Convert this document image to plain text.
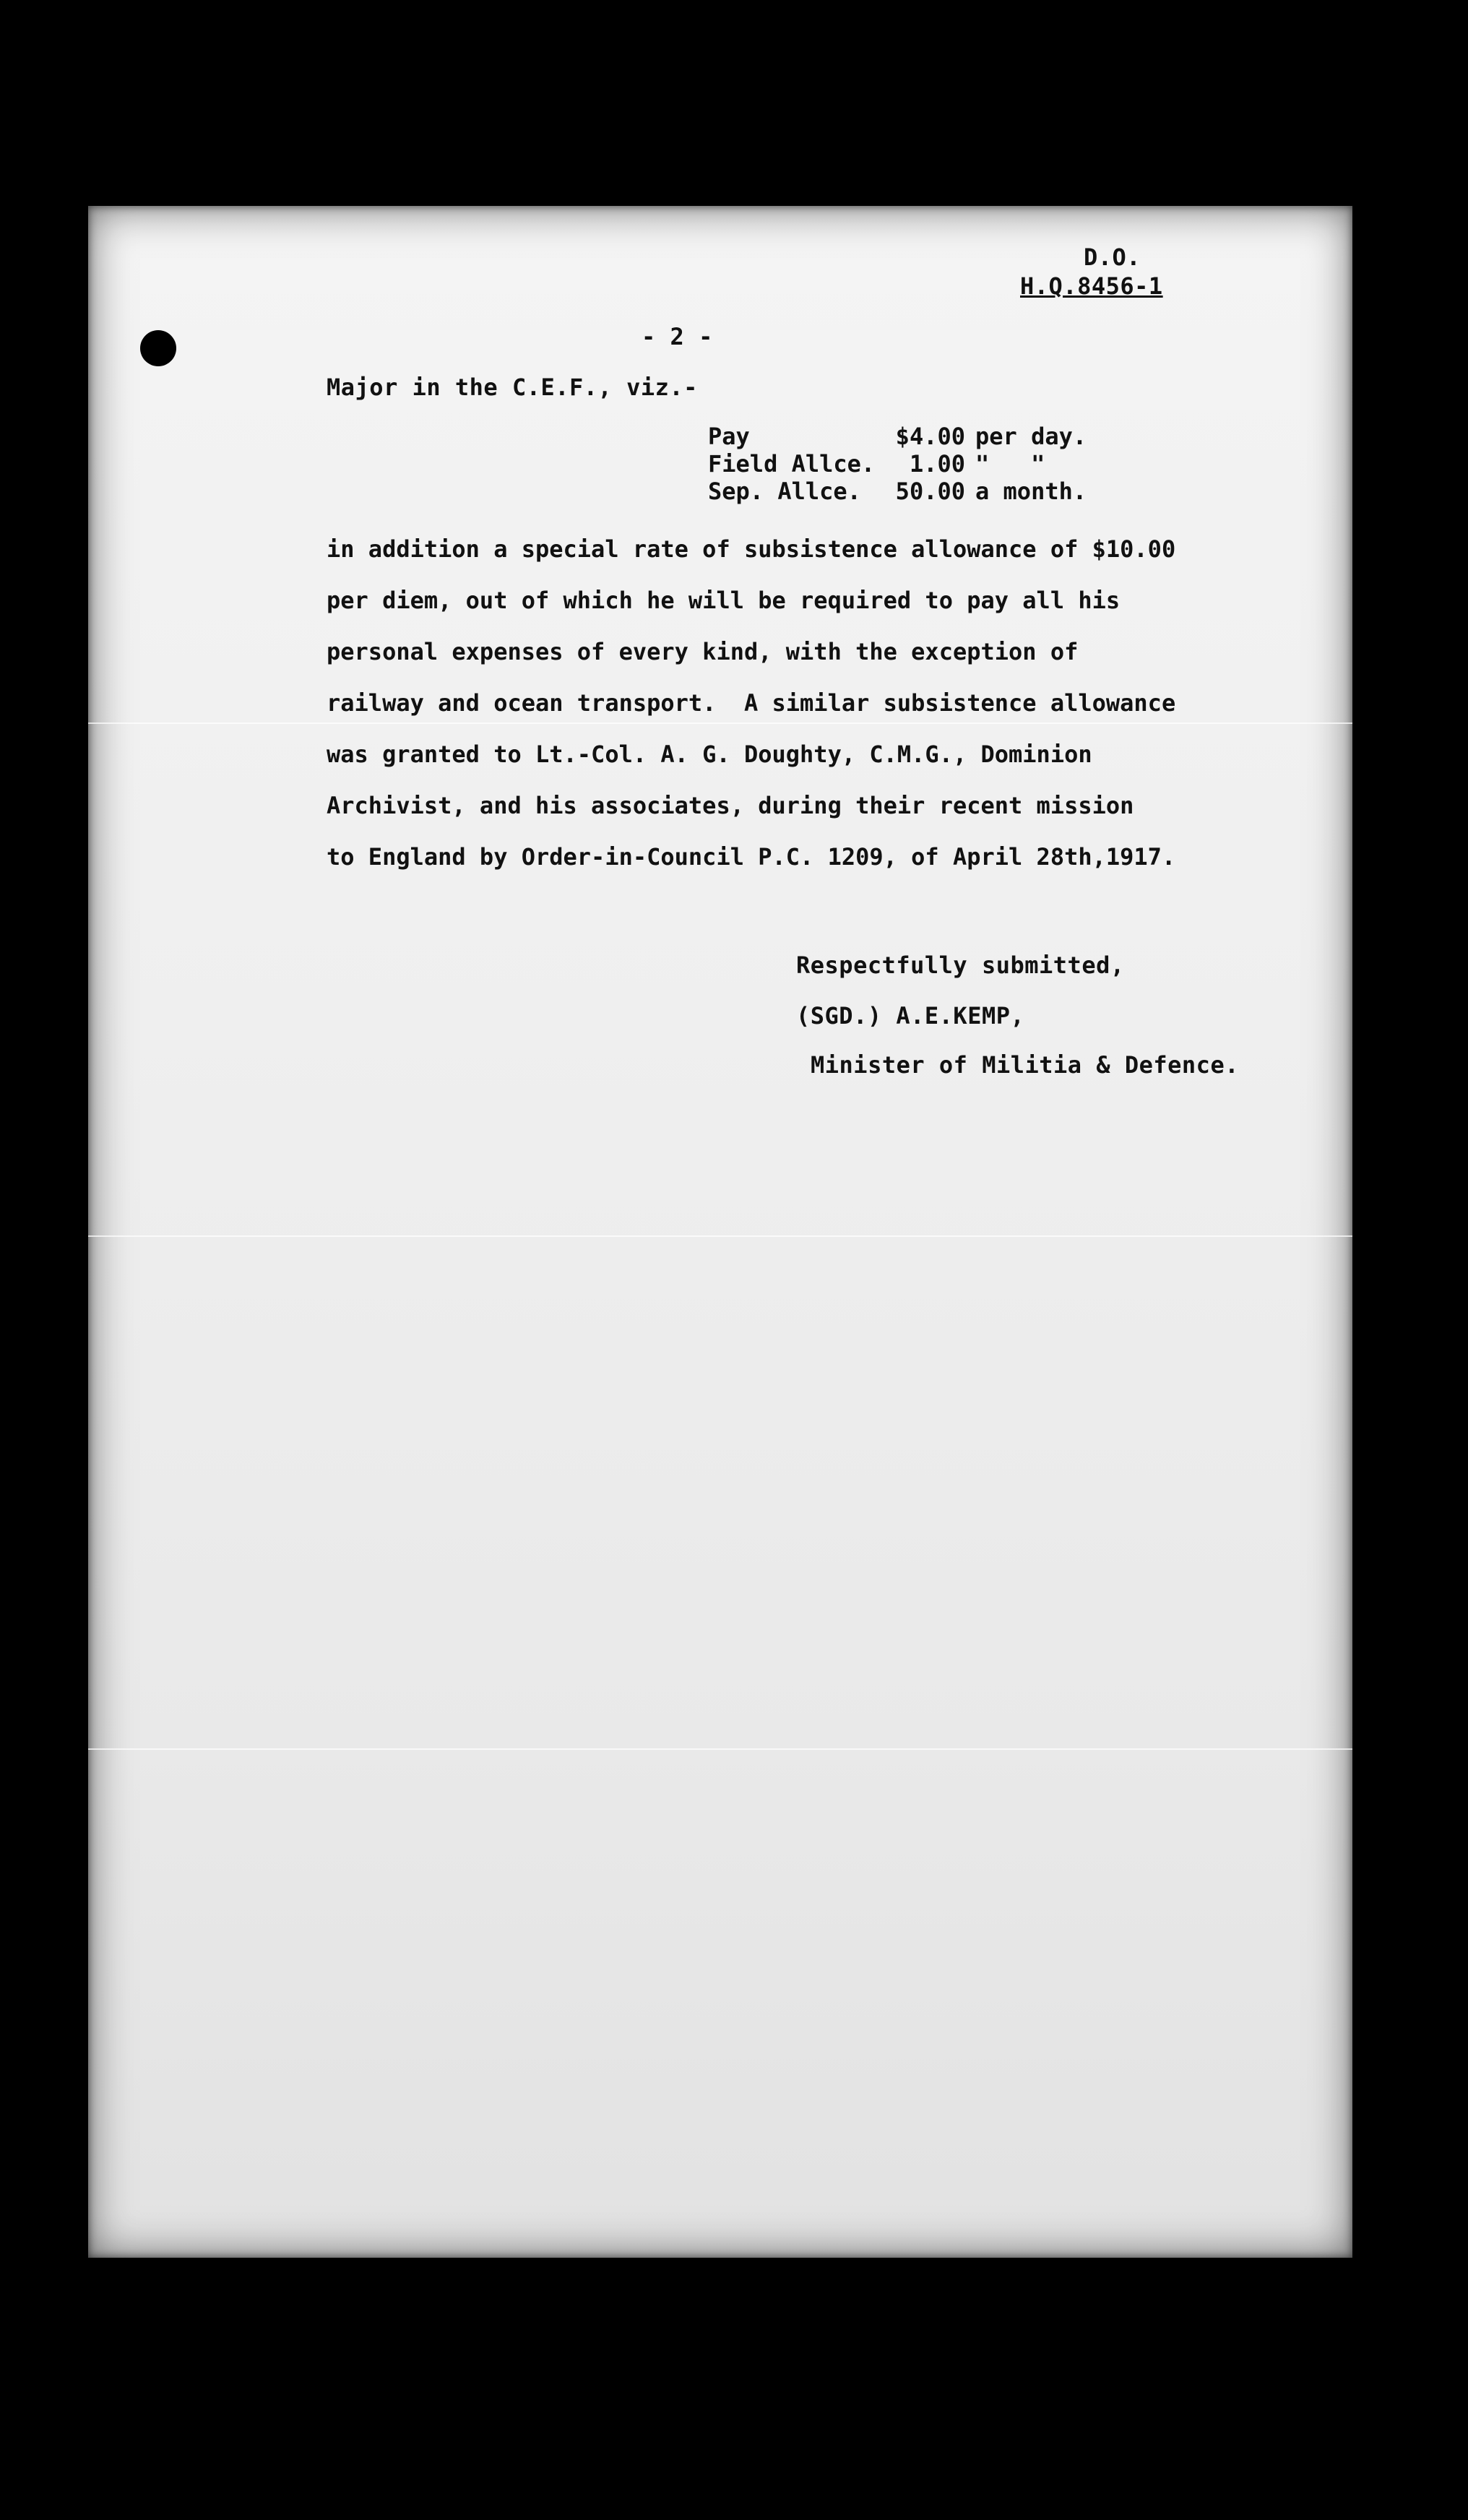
D.O.

H.Q.8456-1

- 2 -

Major in the C.E.F., viz.-

Pay	$4.00	per day.
Field Allce.	1.00	"   "
Sep. Allce.	50.00	a month.
in addition a special rate of subsistence allowance of $10.00
per diem, out of which he will be required to pay all his
personal expenses of every kind, with the exception of
railway and ocean transport.  A similar subsistence allowance
was granted to Lt.-Col. A. G. Doughty, C.M.G., Dominion
Archivist, and his associates, during their recent mission
to England by Order-in-Council P.C. 1209, of April 28th,1917.

Respectfully submitted,

(SGD.) A.E.KEMP,

Minister of Militia & Defence.
